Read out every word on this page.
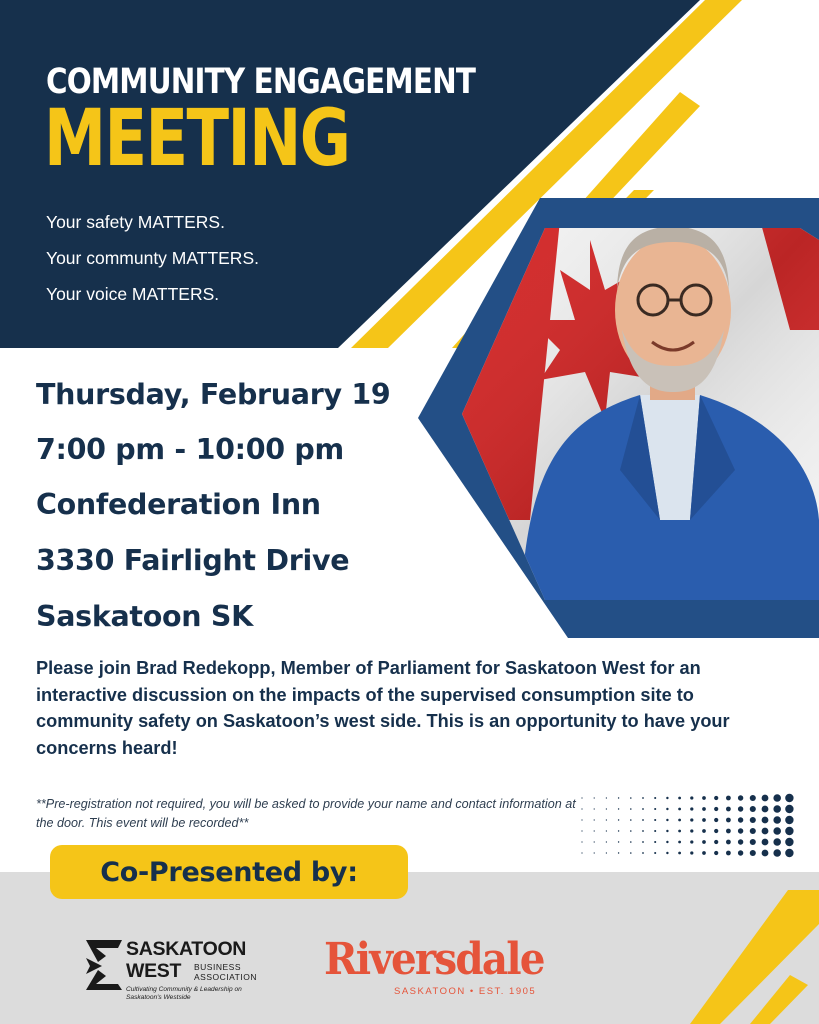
COMMUNITY ENGAGEMENT
MEETING
Your safety MATTERS.
Your communty MATTERS.
Your voice MATTERS.
Thursday, February 19
7:00 pm - 10:00 pm
Confederation Inn
3330 Fairlight Drive
Saskatoon SK
Please join Brad Redekopp, Member of Parliament for Saskatoon West for an interactive discussion on the impacts of the supervised consumption site to community safety on Saskatoon’s west side. This is an opportunity to have your concerns heard!
**Pre-registration not required, you will be asked to provide your name and contact information at the door. This event will be recorded**
Co-Presented by:
SASKATOON
WEST BUSINESS
ASSOCIATION
Cultivating Community & Leadership on Saskatoon's Westside
Riversdale
SASKATOON • EST. 1905
